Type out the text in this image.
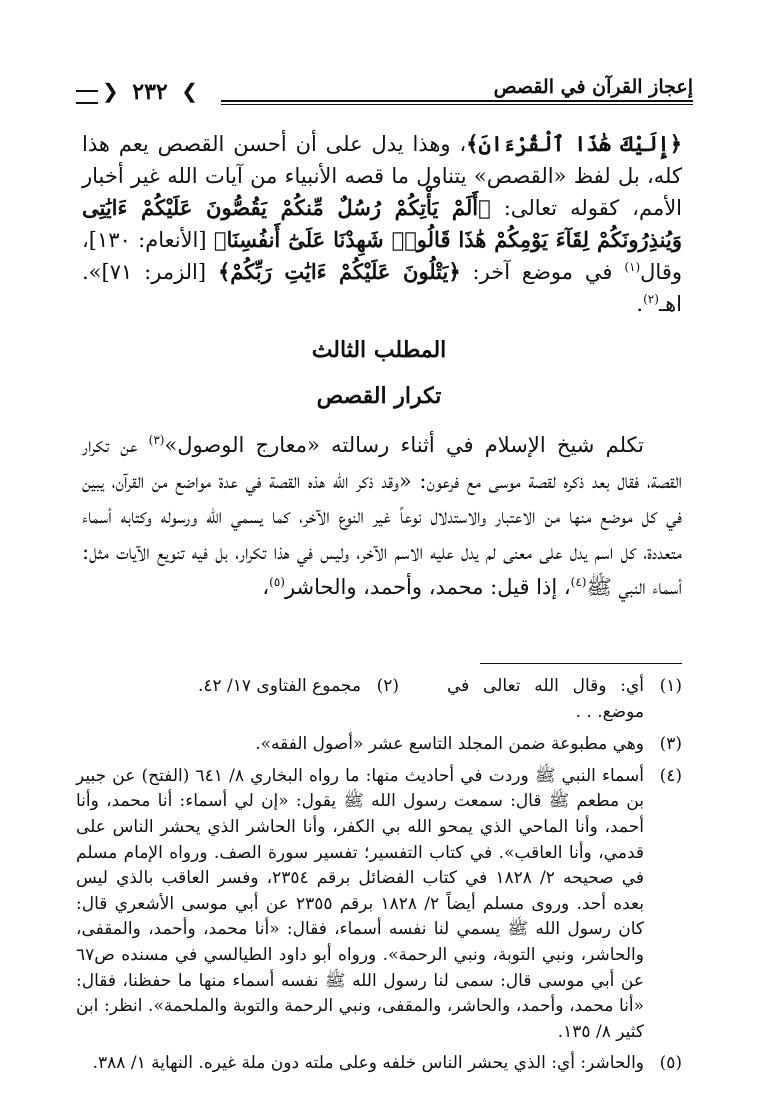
إعجاز القرآن في القصص
❮ ٢٣٢ ❯
﴿إِلَيْكَ هَٰذَا ٱلْقُرْءَانَ﴾، وهذا يدل على أن أحسن القصص يعم هذا كله، بل لفظ «القصص» يتناول ما قصه الأنبياء من آيات الله غير أخبار الأمم، كقوله تعالى: ﴿أَلَمْ يَأْتِكُمْ رُسُلٌ مِّنكُمْ يَقُصُّونَ عَلَيْكُمْ ءَايَٰتِى وَيُنذِرُونَكُمْ لِقَآءَ يَوْمِكُمْ هَٰذَا قَالُوا۟ شَهِدْنَا عَلَىٰٓ أَنفُسِنَا﴾ [الأنعام: ١٣٠]، وقال$^{(١)}$ في موضع آخر: ﴿يَتْلُونَ عَلَيْكُمْ ءَايَٰتِ رَبِّكُمْ﴾ [الزمر: ٧١]». اهـ$^{(٢)}$.
المطلب الثالث
تكرار القصص
تكلم شيخ الإسلام في أثناء رسالته «معارج الوصول»$^{(٣)}$ عن تكرار القصة، فقال بعد ذكره لقصة موسى مع فرعون: «وقد ذكر الله هذه القصة في عدة مواضع من القرآن، يبين في كل موضع منها من الاعتبار والاستدلال نوعاً غير النوع الآخر، كما يسمي الله ورسوله وكتابه أسماء متعددة، كل اسم يدل على معنى لم يدل عليه الاسم الآخر، وليس في هذا تكرار، بل فيه تنويع الآيات مثل: أسماء النبي ﷺ$^{(٤)}$، إذا قيل: محمد، وأحمد، والحاشر$^{(٥)}$،
(١)
أي: وقال الله تعالى في موضع. . .
(٢)
مجموع الفتاوى ١٧/ ٤٢.
(٣)
وهي مطبوعة ضمن المجلد التاسع عشر «أصول الفقه».
(٤)
أسماء النبي ﷺ وردت في أحاديث منها: ما رواه البخاري ٨/ ٦٤١ (الفتح) عن جبير بن مطعم ﷺ قال: سمعت رسول الله ﷺ يقول: «إن لي أسماء: أنا محمد، وأنا أحمد، وأنا الماحي الذي يمحو الله بي الكفر، وأنا الحاشر الذي يحشر الناس على قدمي، وأنا العاقب». في كتاب التفسير؛ تفسير سورة الصف. ورواه الإمام مسلم في صحيحه ٢/ ١٨٢٨ في كتاب الفضائل برقم ٢٣٥٤، وفسر العاقب بالذي ليس بعده أحد. وروى مسلم أيضاً ٢/ ١٨٢٨ برقم ٢٣٥٥ عن أبي موسى الأشعري قال: كان رسول الله ﷺ يسمي لنا نفسه أسماء، فقال: «أنا محمد، وأحمد، والمقفى، والحاشر، ونبي التوبة، ونبي الرحمة». ورواه أبو داود الطيالسي في مسنده ص٦٧ عن أبي موسى قال: سمى لنا رسول الله ﷺ نفسه أسماء منها ما حفظنا، فقال: «أنا محمد، وأحمد، والحاشر، والمقفى، ونبي الرحمة والتوبة والملحمة». انظر: ابن كثير ٨/ ١٣٥.
(٥)
والحاشر: أي: الذي يحشر الناس خلفه وعلى ملته دون ملة غيره. النهاية ١/ ٣٨٨.
